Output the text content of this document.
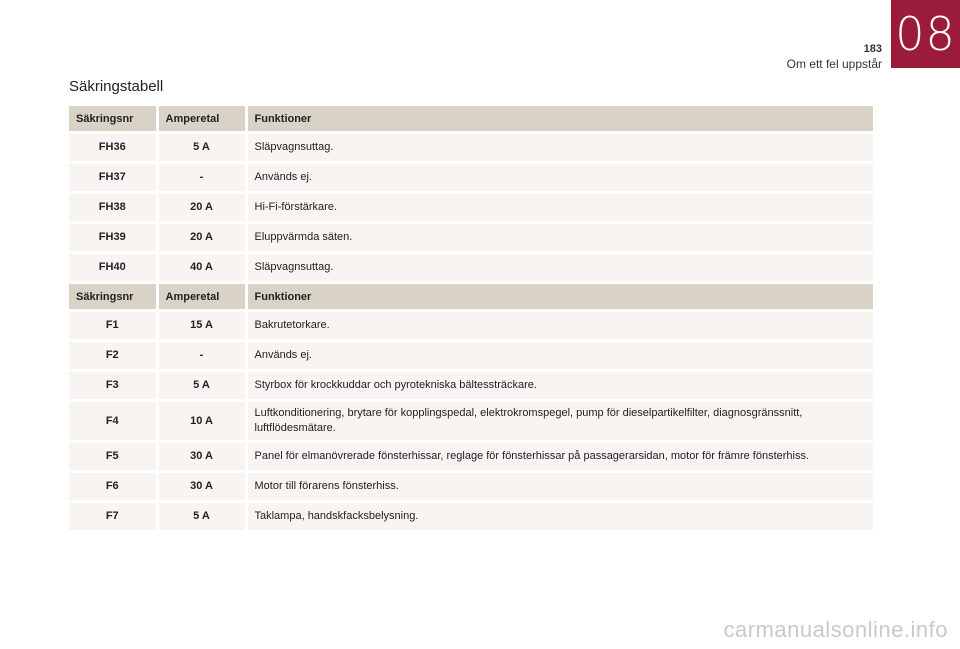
08
183
Om ett fel uppstår
Säkringstabell
Säkringsnr	Amperetal	Funktioner
FH36	5 A	Släpvagnsuttag.
FH37	-	Används ej.
FH38	20 A	Hi-Fi-förstärkare.
FH39	20 A	Eluppvärmda säten.
FH40	40 A	Släpvagnsuttag.
Säkringsnr	Amperetal	Funktioner
F1	15 A	Bakrutetorkare.
F2	-	Används ej.
F3	5 A	Styrbox för krockkuddar och pyrotekniska bältessträckare.
F4	10 A	Luftkonditionering, brytare för kopplingspedal, elektrokromspegel, pump för dieselpartikelfilter, diagnosgränssnitt, luftflödesmätare.
F5	30 A	Panel för elmanövrerade fönsterhissar, reglage för fönsterhissar på passagerarsidan, motor för främre fönsterhiss.
F6	30 A	Motor till förarens fönsterhiss.
F7	5 A	Taklampa, handskfacksbelysning.
carmanualsonline.info
